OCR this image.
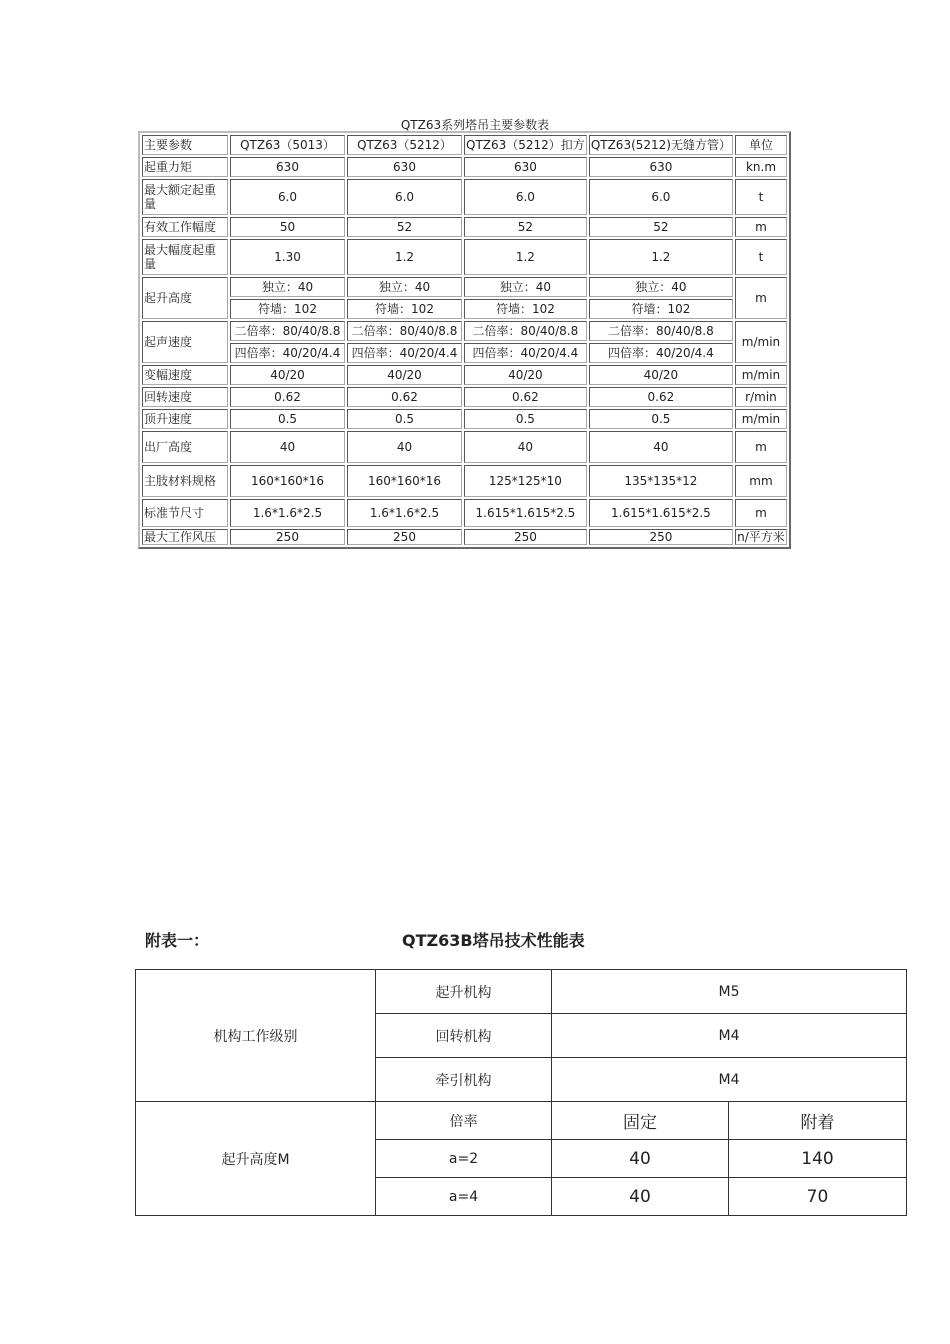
QTZ63系列塔吊主要参数表
主要参数	QTZ63（5013）	QTZ63（5212）	QTZ63（5212）扣方	QTZ63(5212)无缝方管）	单位
起重力矩	630	630	630	630	kn.m
最大额定起重量	6.0	6.0	6.0	6.0	t
有效工作幅度	50	52	52	52	m
最大幅度起重量	1.30	1.2	1.2	1.2	t
起升高度	独立：40	独立：40	独立：40	独立：40	m
	符墙：102	符墙：102	符墙：102	符墙：102	
起声速度	二倍率：80/40/8.8	二倍率：80/40/8.8	二倍率：80/40/8.8	二倍率：80/40/8.8	m/min
	四倍率：40/20/4.4	四倍率：40/20/4.4	四倍率：40/20/4.4	四倍率：40/20/4.4	
变幅速度	40/20	40/20	40/20	40/20	m/min
回转速度	0.62	0.62	0.62	0.62	r/min
顶升速度	0.5	0.5	0.5	0.5	m/min
出厂高度	40	40	40	40	m
主肢材料规格	160*160*16	160*160*16	125*125*10	135*135*12	mm
标准节尺寸	1.6*1.6*2.5	1.6*1.6*2.5	1.615*1.615*2.5	1.615*1.615*2.5	m
最大工作风压	250	250	250	250	n/平方米
附表一：	QTZ63B塔吊技术性能表
机构工作级别	起升机构	M5	
	回转机构	M4	
	牵引机构	M4	
起升高度M	倍率	固定	附着
	a=2	40	140
	a=4	40	70
